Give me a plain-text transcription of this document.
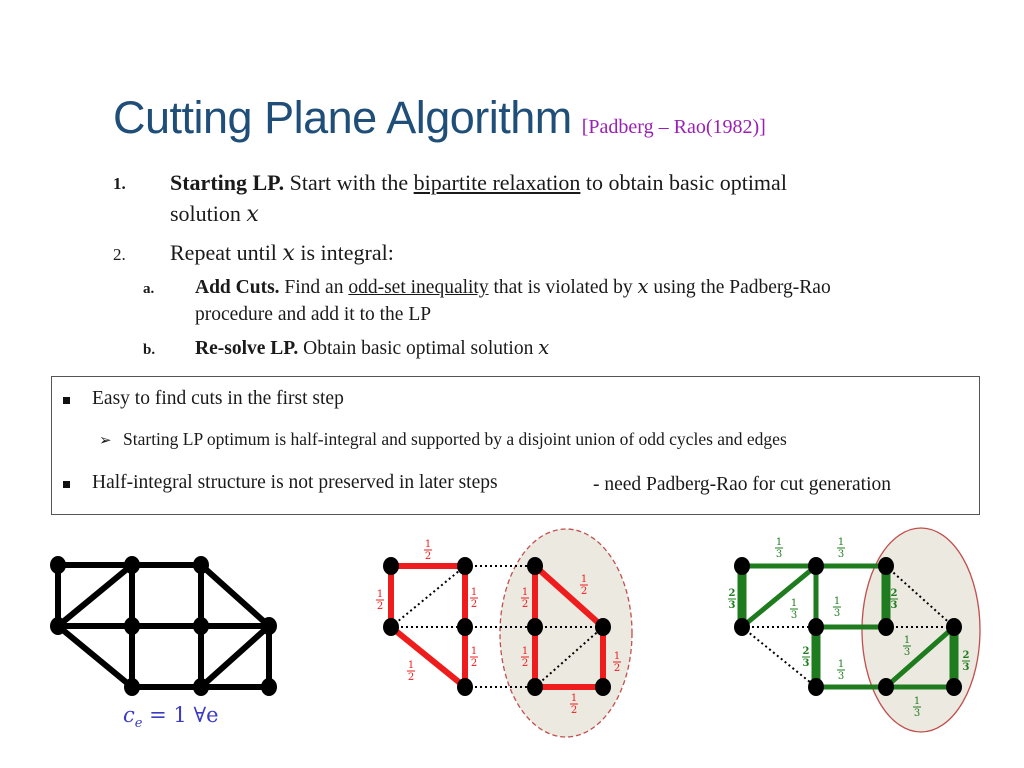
Cutting Plane Algorithm [Padberg – Rao(1982)]
1. Starting LP. Start with the bipartite relaxation to obtain basic optimal
solution x
2. Repeat until x is integral:
a. Add Cuts. Find an odd-set inequality that is violated by x using the Padberg-Rao
procedure and add it to the LP
b. Re-solve LP. Obtain basic optimal solution x
Easy to find cuts in the first step
➢ Starting LP optimum is half-integral and supported by a disjoint union of odd cycles and edges
Half-integral structure is not preserved in later steps	- need Padberg-Rao for cut generation
1
2
1
2
1
2
1
2
1
2
1
2
1
2
1
2
1
2
1
2
1
3
1
3
2
3	1
3
1
3
2
3
2
3	1
3
1
3	2
3
1
3
$c_e = 1$ ∀e
